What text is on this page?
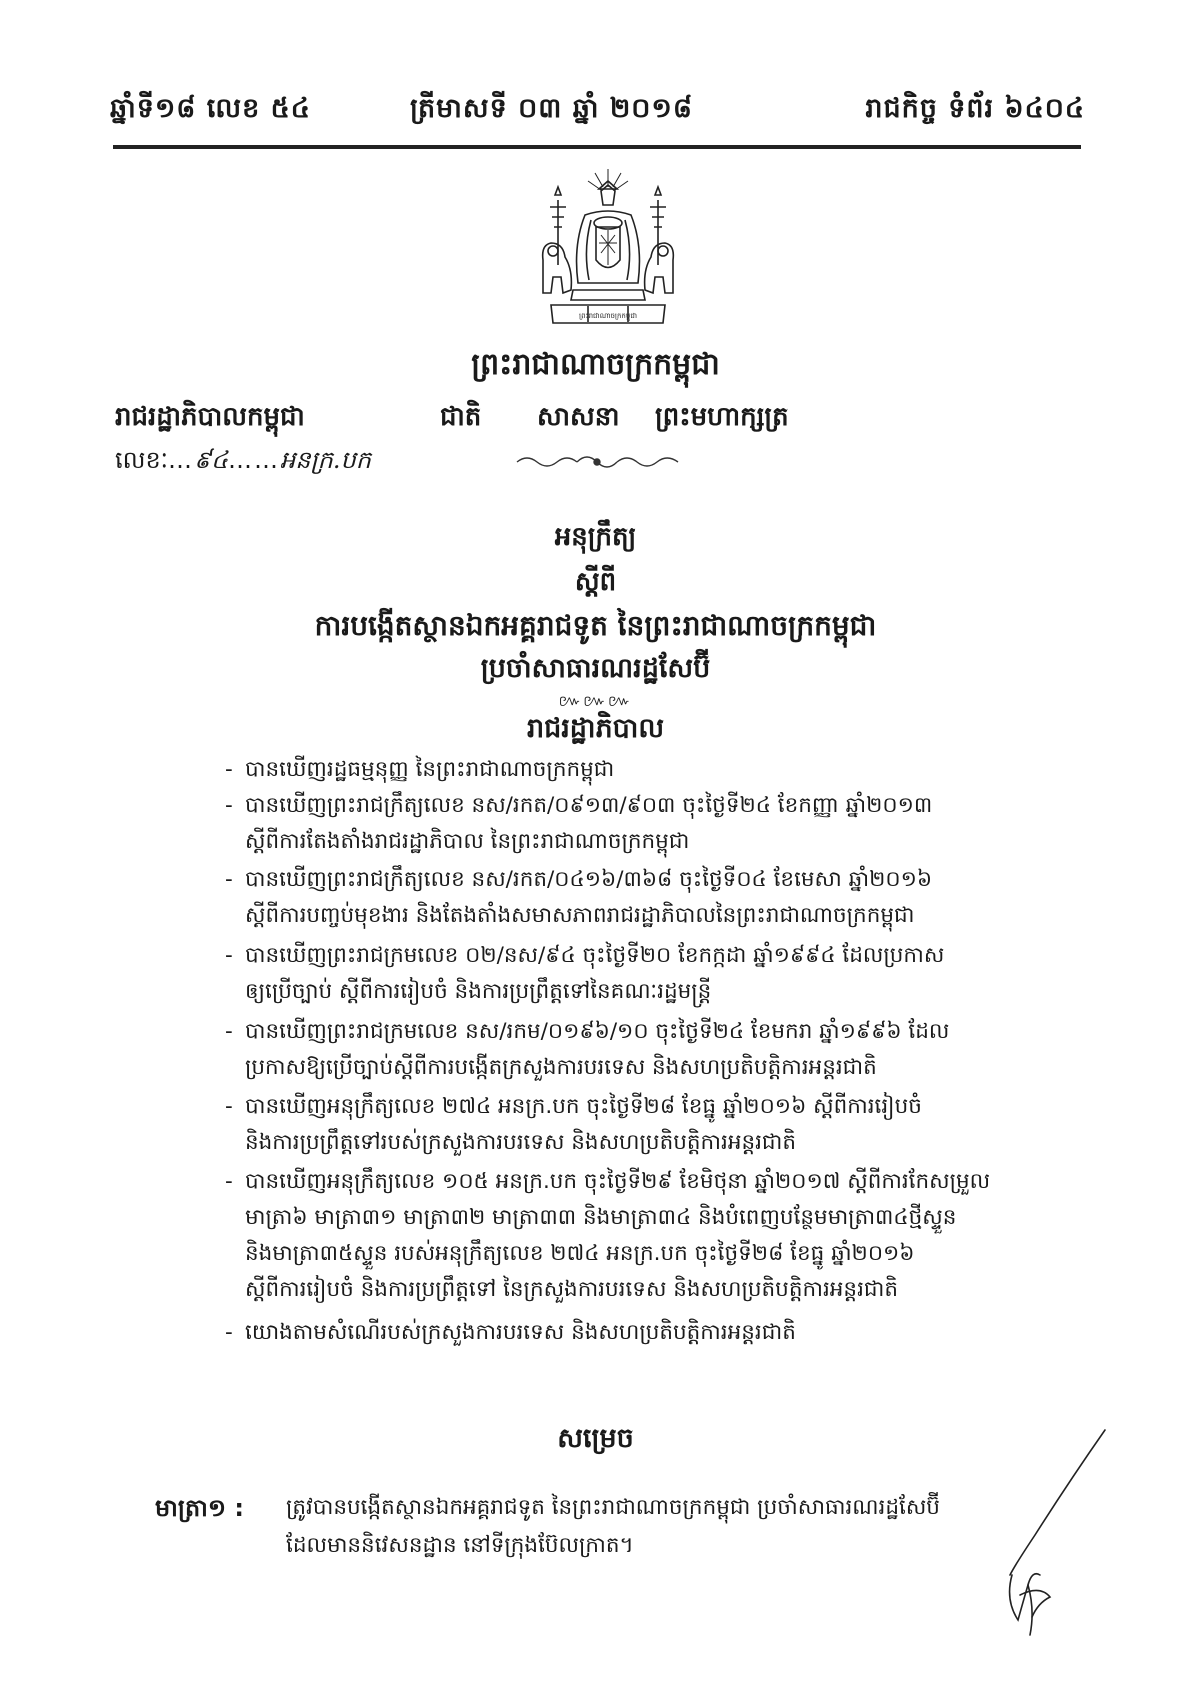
ឆ្នាំទី១៨ លេខ ៥៤	ត្រីមាសទី ០៣ ឆ្នាំ ២០១៨	រាជកិច្ច ទំព័រ ៦៤០៤
ព្រះរាជាណាចក្រកម្ពុជា
ព្រះរាជាណាចក្រកម្ពុជា
រាជរដ្ឋាភិបាលកម្ពុជា	ជាតិ សាសនា ព្រះមហាក្សត្រ
លេខៈ…៩៤……អនក្រ.បក
អនុក្រឹត្យ
ស្តីពី
ការបង្កើតស្ថានឯកអគ្គរាជទូត នៃព្រះរាជាណាចក្រកម្ពុជា
ប្រចាំសាធារណរដ្ឋសែប៊ី
៚៚៚
រាជរដ្ឋាភិបាល
- បានឃើញរដ្ឋធម្មនុញ្ញ នៃព្រះរាជាណាចក្រកម្ពុជា
- បានឃើញព្រះរាជក្រឹត្យលេខ នស/រកត/០៩១៣/៩០៣ ចុះថ្ងៃទី២៤ ខែកញ្ញា ឆ្នាំ២០១៣
ស្តីពីការតែងតាំងរាជរដ្ឋាភិបាល នៃព្រះរាជាណាចក្រកម្ពុជា
- បានឃើញព្រះរាជក្រឹត្យលេខ នស/រកត/០៤១៦/៣៦៨ ចុះថ្ងៃទី០៤ ខែមេសា ឆ្នាំ២០១៦
ស្តីពីការបញ្ចប់មុខងារ និងតែងតាំងសមាសភាពរាជរដ្ឋាភិបាលនៃព្រះរាជាណាចក្រកម្ពុជា
- បានឃើញព្រះរាជក្រមលេខ ០២/នស/៩៤ ចុះថ្ងៃទី២០ ខែកក្កដា ឆ្នាំ១៩៩៤ ដែលប្រកាស
ឲ្យប្រើច្បាប់ ស្តីពីការរៀបចំ និងការប្រព្រឹត្តទៅនៃគណៈរដ្ឋមន្ត្រី
- បានឃើញព្រះរាជក្រមលេខ នស/រកម/០១៩៦/១០ ចុះថ្ងៃទី២៤ ខែមករា ឆ្នាំ១៩៩៦ ដែល
ប្រកាសឱ្យប្រើច្បាប់ស្តីពីការបង្កើតក្រសួងការបរទេស និងសហប្រតិបត្តិការអន្តរជាតិ
- បានឃើញអនុក្រឹត្យលេខ ២៧៤ អនក្រ.បក ចុះថ្ងៃទី២៨ ខែធ្នូ ឆ្នាំ២០១៦ ស្តីពីការរៀបចំ
និងការប្រព្រឹត្តទៅរបស់ក្រសួងការបរទេស និងសហប្រតិបត្តិការអន្តរជាតិ
- បានឃើញអនុក្រឹត្យលេខ ១០៥ អនក្រ.បក ចុះថ្ងៃទី២៩ ខែមិថុនា ឆ្នាំ២០១៧ ស្តីពីការកែសម្រួល
មាត្រា៦ មាត្រា៣១ មាត្រា៣២ មាត្រា៣៣ និងមាត្រា៣៤ និងបំពេញបន្ថែមមាត្រា៣៤ថ្មីស្ទួន
និងមាត្រា៣៥ស្ទួន របស់អនុក្រឹត្យលេខ ២៧៤ អនក្រ.បក ចុះថ្ងៃទី២៨ ខែធ្នូ ឆ្នាំ២០១៦
ស្តីពីការរៀបចំ និងការប្រព្រឹត្តទៅ នៃក្រសួងការបរទេស និងសហប្រតិបត្តិការអន្តរជាតិ
- យោងតាមសំណើរបស់ក្រសួងការបរទេស និងសហប្រតិបត្តិការអន្តរជាតិ
សម្រេច
មាត្រា១ : ត្រូវបានបង្កើតស្ថានឯកអគ្គរាជទូត នៃព្រះរាជាណាចក្រកម្ពុជា ប្រចាំសាធារណរដ្ឋសែប៊ី
ដែលមាននិវេសនដ្ឋាន នៅទីក្រុងប៊ែលក្រាត។
